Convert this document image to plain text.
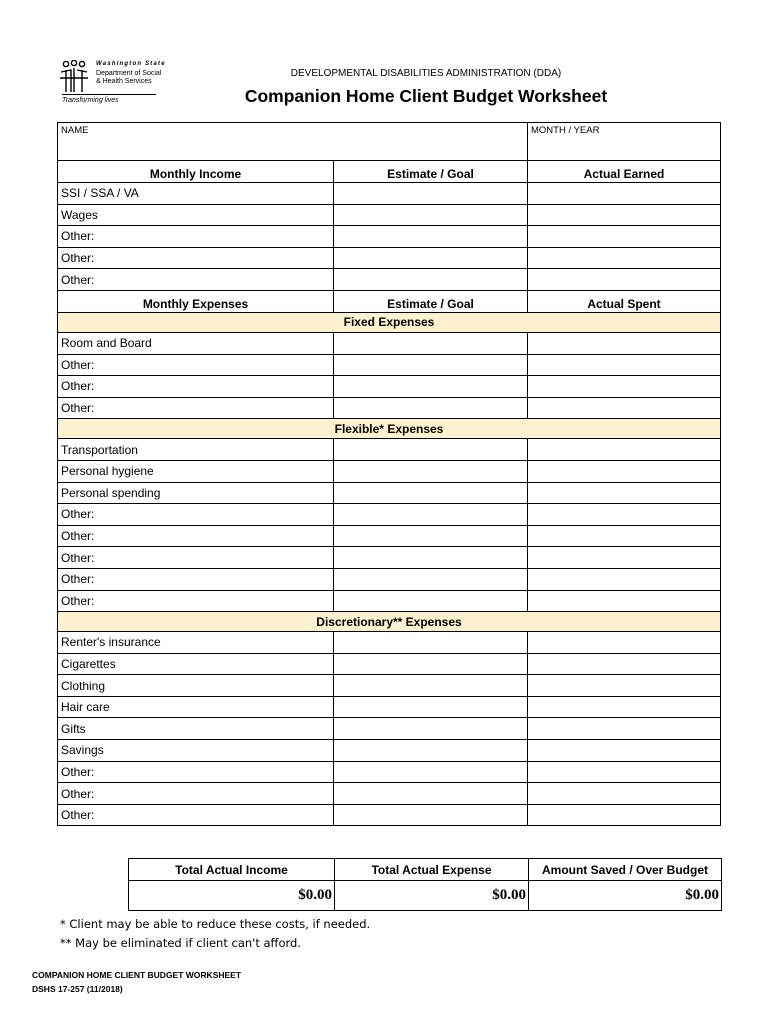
Washington State
Department of Social
& Health Services
Transforming lives
DEVELOPMENTAL DISABILITIES ADMINISTRATION (DDA)
Companion Home Client Budget Worksheet
NAME		MONTH / YEAR
Monthly Income	Estimate / Goal	Actual Earned
SSI / SSA / VA		
Wages		
Other:		
Other:		
Other:		
Monthly Expenses	Estimate / Goal	Actual Spent
Fixed Expenses		
Room and Board		
Other:		
Other:		
Other:		
Flexible* Expenses		
Transportation		
Personal hygiene		
Personal spending		
Other:		
Other:		
Other:		
Other:		
Other:		
Discretionary** Expenses		
Renter's insurance		
Cigarettes		
Clothing		
Hair care		
Gifts		
Savings		
Other:		
Other:		
Other:		
Total Actual Income	Total Actual Expense	Amount Saved / Over Budget
$0.00	$0.00	$0.00
* Client may be able to reduce these costs, if needed.
** May be eliminated if client can't afford.
COMPANION HOME CLIENT BUDGET WORKSHEET
DSHS 17-257 (11/2018)
